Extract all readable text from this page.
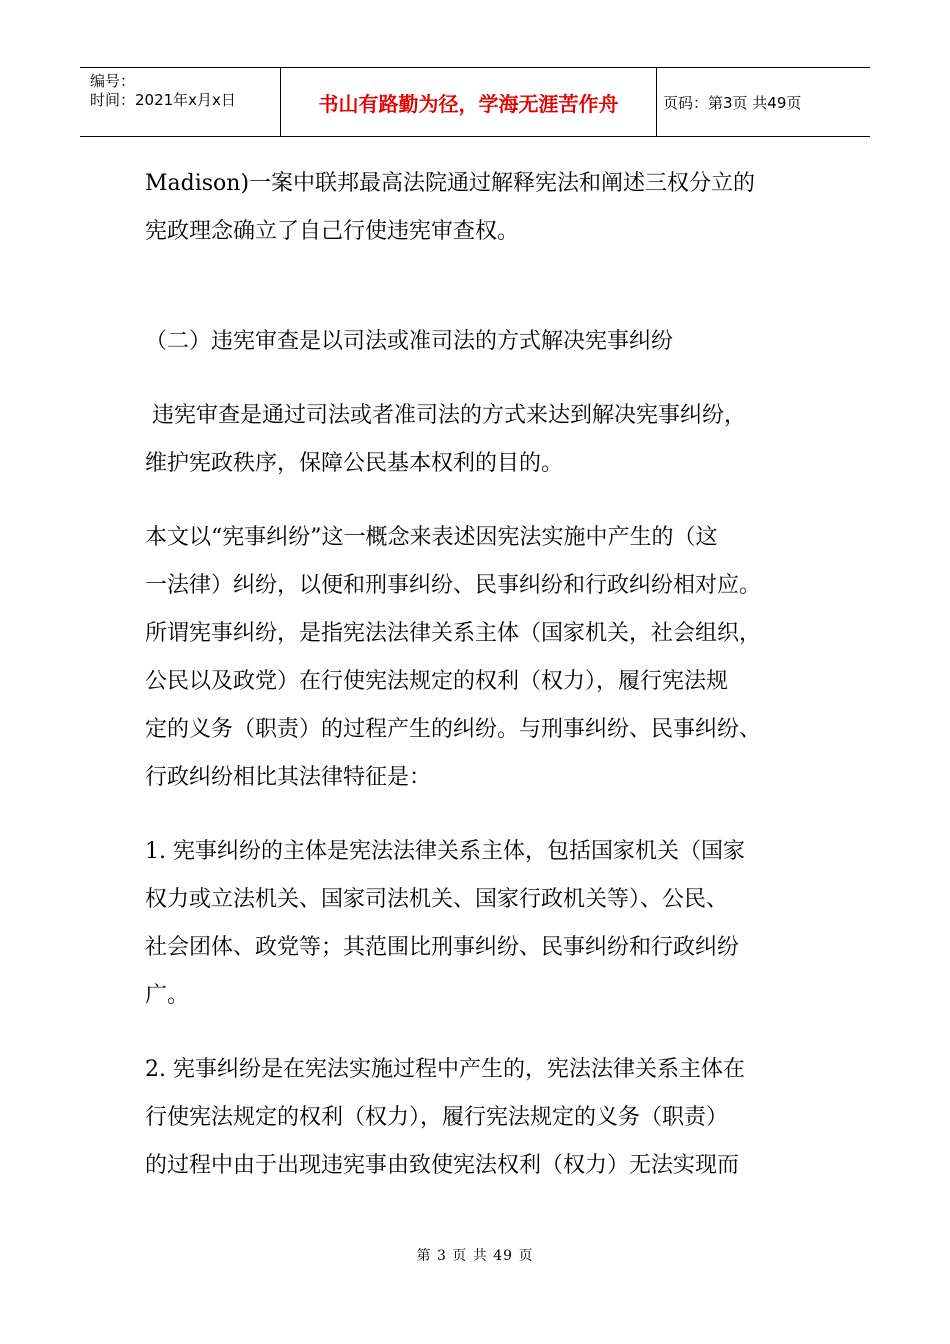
编号：
时间：2021年x月x日	书山有路勤为径，学海无涯苦作舟	页码：第3页 共49页
Madison)一案中联邦最高法院通过解释宪法和阐述三权分立的
宪政理念确立了自己行使违宪审查权。
（二）违宪审查是以司法或准司法的方式解决宪事纠纷
违宪审查是通过司法或者准司法的方式来达到解决宪事纠纷，
维护宪政秩序，保障公民基本权利的目的。
本文以“宪事纠纷”这一概念来表述因宪法实施中产生的（这
一法律）纠纷，以便和刑事纠纷、民事纠纷和行政纠纷相对应。
所谓宪事纠纷，是指宪法法律关系主体（国家机关，社会组织，
公民以及政党）在行使宪法规定的权利（权力），履行宪法规
定的义务（职责）的过程产生的纠纷。与刑事纠纷、民事纠纷、
行政纠纷相比其法律特征是：
1. 宪事纠纷的主体是宪法法律关系主体，包括国家机关（国家
权力或立法机关、国家司法机关、国家行政机关等）、公民、
社会团体、政党等；其范围比刑事纠纷、民事纠纷和行政纠纷
广。
2. 宪事纠纷是在宪法实施过程中产生的，宪法法律关系主体在
行使宪法规定的权利（权力），履行宪法规定的义务（职责）
的过程中由于出现违宪事由致使宪法权利（权力）无法实现而
第 3 页 共 49 页
